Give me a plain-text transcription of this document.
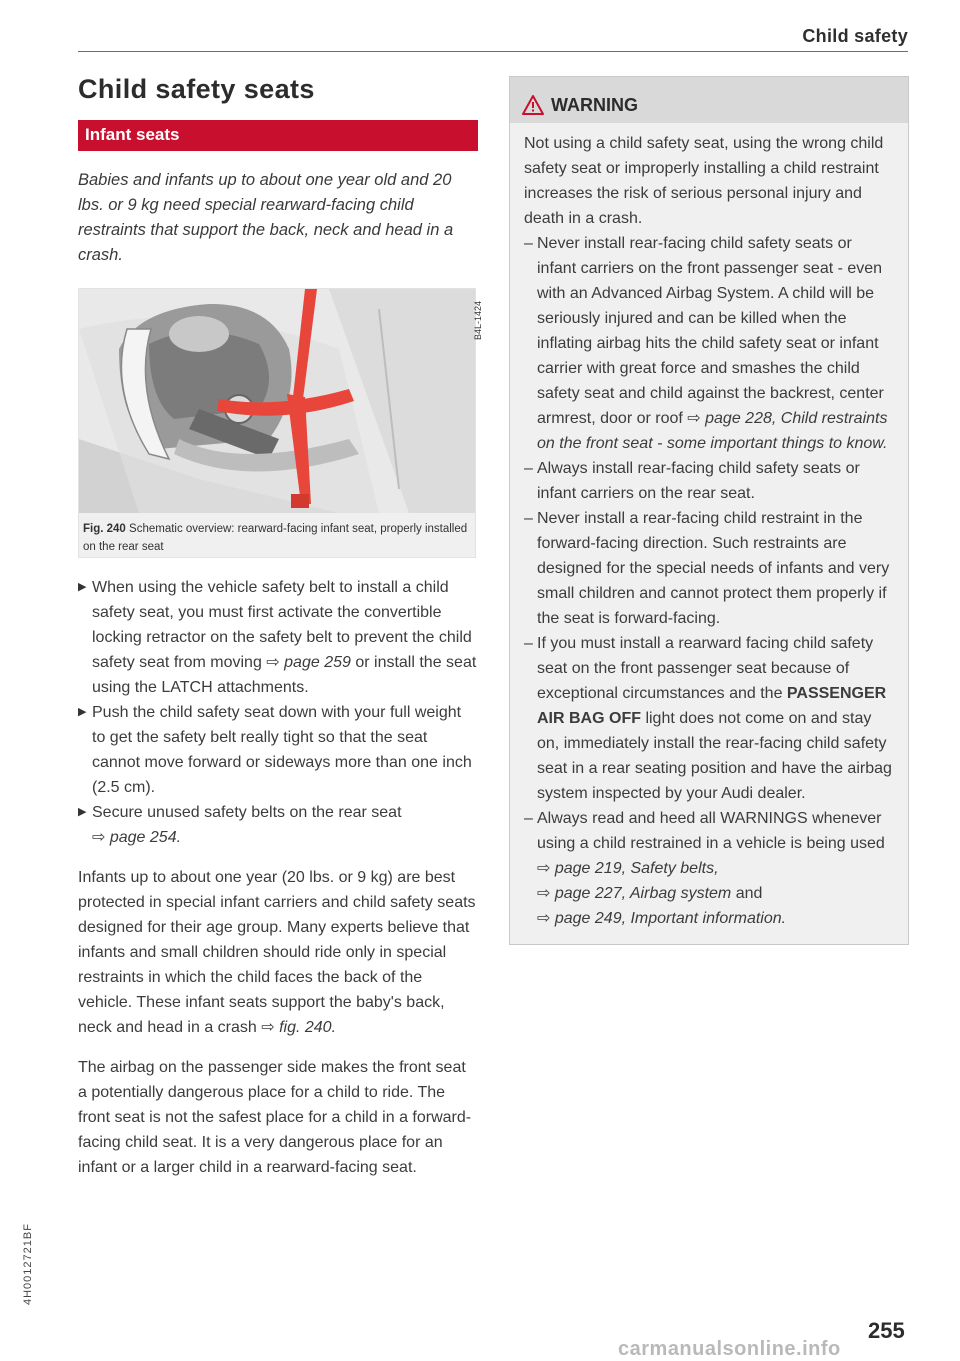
Child safety
Child safety seats
Infant seats

Babies and infants up to about one year old and 20 lbs. or 9 kg need special rearward-facing child restraints that support the back, neck and head in a crash.

B4L-1424
Fig. 240 Schematic overview: rearward-facing infant seat, properly installed on the rear seat
▶ When using the vehicle safety belt to install a child safety seat, you must first activate the convertible locking retractor on the safety belt to prevent the child safety seat from moving ⇨ page 259 or install the seat using the LATCH attachments.
▶ Push the child safety seat down with your full weight to get the safety belt really tight so that the seat cannot move forward or sideways more than one inch (2.5 cm).
▶ Secure unused safety belts on the rear seat
⇨ page 254.

Infants up to about one year (20 lbs. or 9 kg) are best protected in special infant carriers and child safety seats designed for their age group. Many experts believe that infants and small children should ride only in special restraints in which the child faces the back of the vehicle. These infant seats support the baby's back, neck and head in a crash ⇨ fig. 240.

The airbag on the passenger side makes the front seat a potentially dangerous place for a child to ride. The front seat is not the safest place for a child in a forward-facing child seat. It is a very dangerous place for an infant or a larger child in a rearward-facing seat.

WARNING

Not using a child safety seat, using the wrong child safety seat or improperly installing a child restraint increases the risk of serious personal injury and death in a crash.

– Never install rear-facing child safety seats or infant carriers on the front passenger seat - even with an Advanced Airbag System. A child will be seriously injured and can be killed when the inflating airbag hits the child safety seat or infant carrier with great force and smashes the child safety seat and child against the backrest, center armrest, door or roof ⇨ page 228, Child restraints on the front seat - some important things to know.
– Always install rear-facing child safety seats or infant carriers on the rear seat.
– Never install a rear-facing child restraint in the forward-facing direction. Such restraints are designed for the special needs of infants and very small children and cannot protect them properly if the seat is forward-facing.
– If you must install a rearward facing child safety seat on the front passenger seat because of exceptional circumstances and the PASSENGER AIR BAG OFF light does not come on and stay on, immediately install the rear-facing child safety seat in a rear seating position and have the airbag system inspected by your Audi dealer.
– Always read and heed all WARNINGS whenever using a child restrained in a vehicle is being used ⇨ page 219, Safety belts,
⇨ page 227, Airbag system and
⇨ page 249, Important information.
4H0012721BF
255
carmanualsonline.info
